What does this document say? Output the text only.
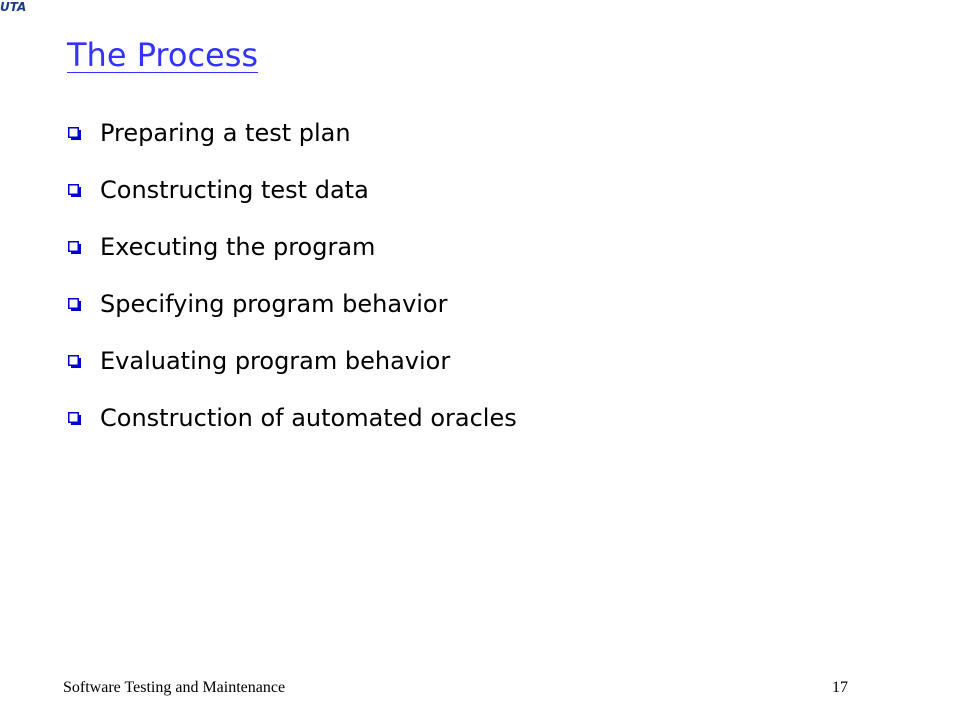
UTA
The Process
Preparing a test plan
Constructing test data
Executing the program
Specifying program behavior
Evaluating program behavior
Construction of automated oracles
Software Testing and Maintenance	17
